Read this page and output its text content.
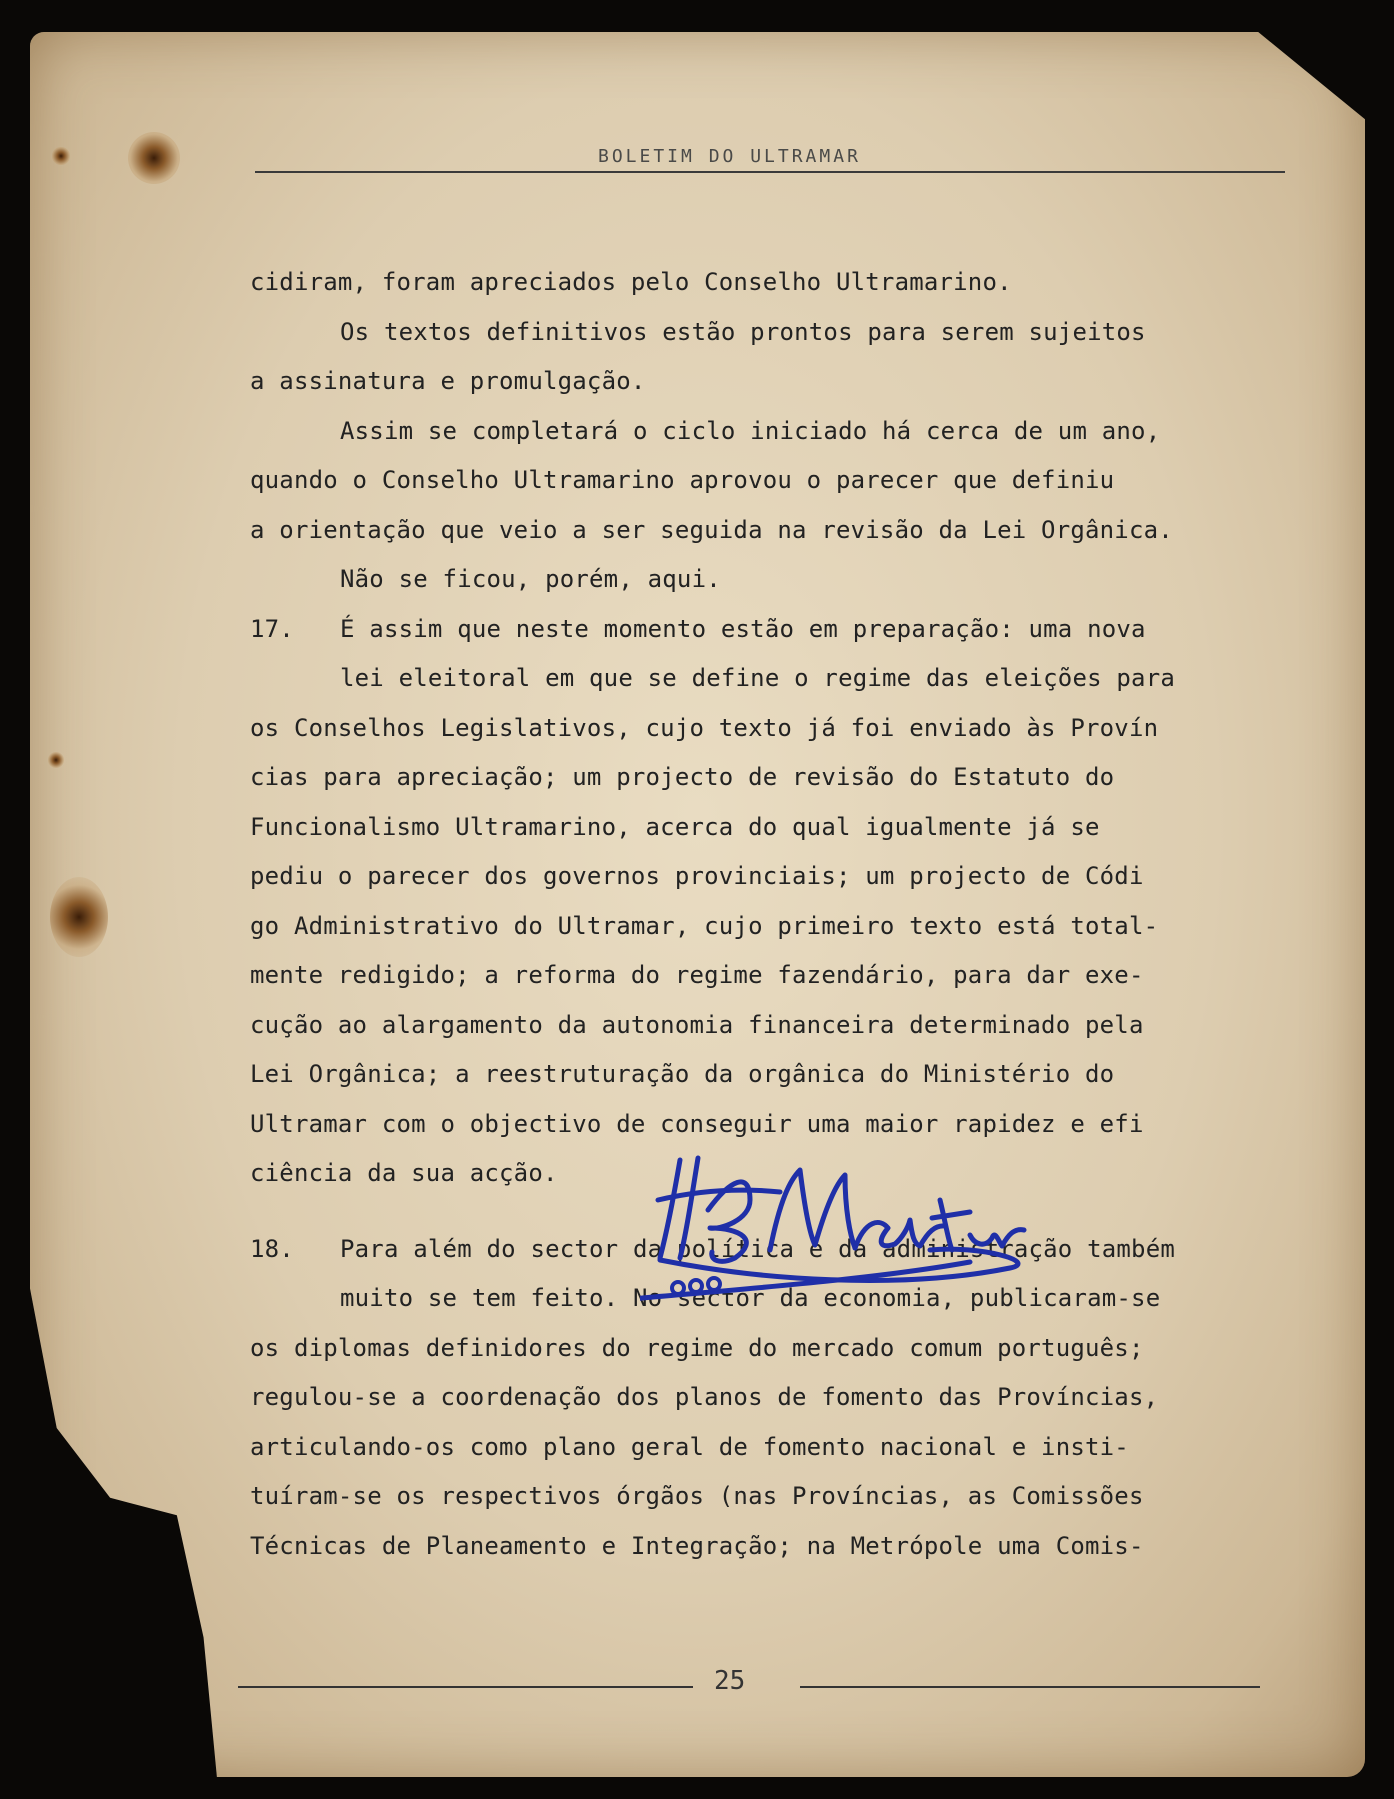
BOLETIM DO ULTRAMAR
cidiram, foram apreciados pelo Conselho Ultramarino.
Os textos definitivos estão prontos para serem sujeitos
a assinatura e promulgação.
Assim se completará o ciclo iniciado há cerca de um ano,
quando o Conselho Ultramarino aprovou o parecer que definiu
a orientação que veio a ser seguida na revisão da Lei Orgânica.
Não se ficou, porém, aqui.
17. É assim que neste momento estão em preparação: uma nova
lei eleitoral em que se define o regime das eleições para
os Conselhos Legislativos, cujo texto já foi enviado às Provín
cias para apreciação; um projecto de revisão do Estatuto do
Funcionalismo Ultramarino, acerca do qual igualmente já se
pediu o parecer dos governos provinciais; um projecto de Códi
go Administrativo do Ultramar, cujo primeiro texto está total-
mente redigido; a reforma do regime fazendário, para dar exe-
cução ao alargamento da autonomia financeira determinado pela
Lei Orgânica; a reestruturação da orgânica do Ministério do
Ultramar com o objectivo de conseguir uma maior rapidez e efi
ciência da sua acção.
18. Para além do sector da política e da administração também
muito se tem feito. No sector da economia, publicaram-se
os diplomas definidores do regime do mercado comum português;
regulou-se a coordenação dos planos de fomento das Províncias,
articulando-os como plano geral de fomento nacional e insti-
tuíram-se os respectivos órgãos (nas Províncias, as Comissões
Técnicas de Planeamento e Integração; na Metrópole uma Comis-
25
